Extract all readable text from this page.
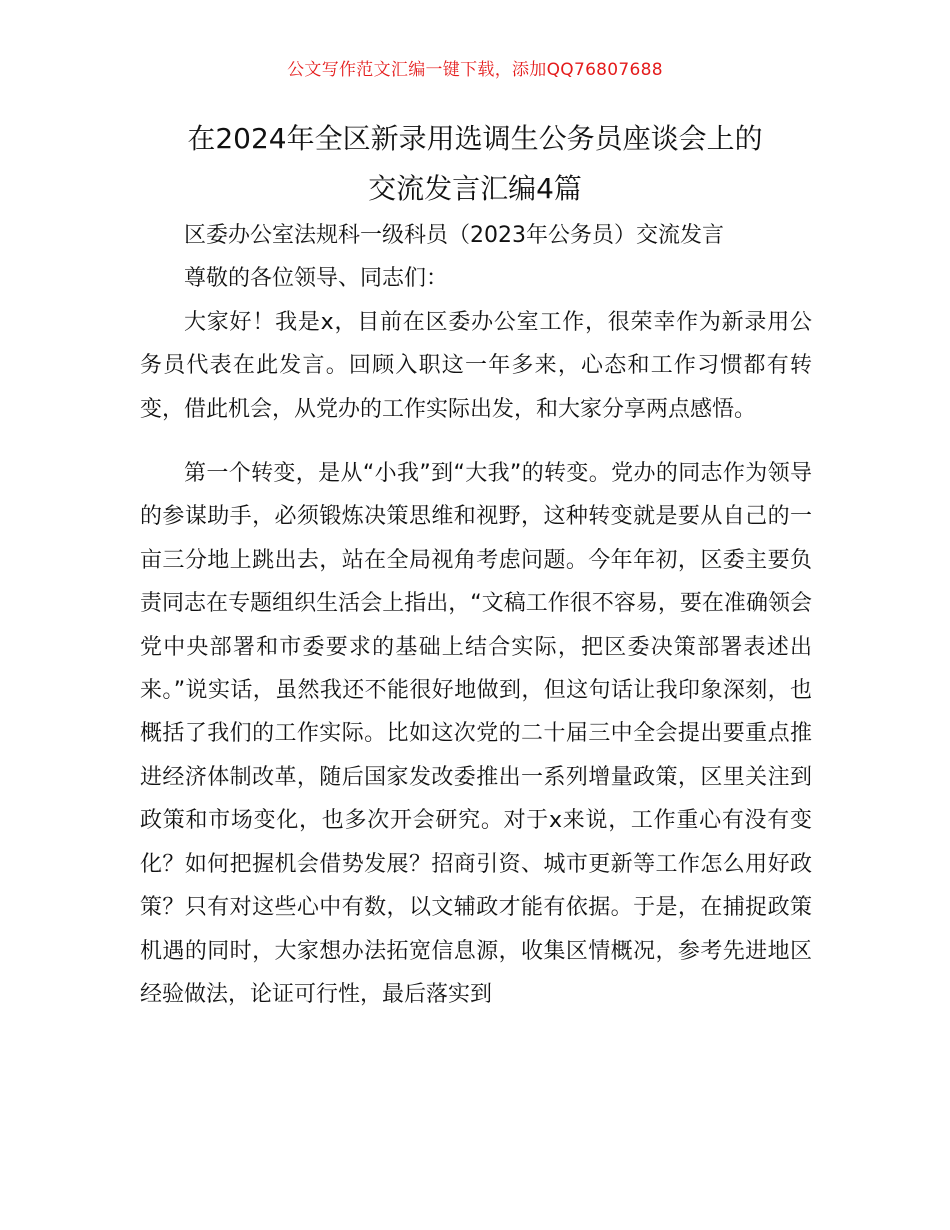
公文写作范文汇编一键下载，添加QQ76807688
在2024年全区新录用选调生公务员座谈会上的
交流发言汇编4篇

区委办公室法规科一级科员（2023年公务员）交流发言

尊敬的各位领导、同志们：

大家好！我是x，目前在区委办公室工作，很荣幸作为新录用公务员代表在此发言。回顾入职这一年多来，心态和工作习惯都有转变，借此机会，从党办的工作实际出发，和大家分享两点感悟。

第一个转变，是从“小我”到“大我”的转变。党办的同志作为领导的参谋助手，必须锻炼决策思维和视野，这种转变就是要从自己的一亩三分地上跳出去，站在全局视角考虑问题。今年年初，区委主要负责同志在专题组织生活会上指出，“文稿工作很不容易，要在准确领会党中央部署和市委要求的基础上结合实际，把区委决策部署表述出来。”说实话，虽然我还不能很好地做到，但这句话让我印象深刻，也概括了我们的工作实际。比如这次党的二十届三中全会提出要重点推进经济体制改革，随后国家发改委推出一系列增量政策，区里关注到政策和市场变化，也多次开会研究。对于x来说，工作重心有没有变化？如何把握机会借势发展？招商引资、城市更新等工作怎么用好政策？只有对这些心中有数，以文辅政才能有依据。于是，在捕捉政策机遇的同时，大家想办法拓宽信息源，收集区情概况，参考先进地区经验做法，论证可行性，最后落实到
